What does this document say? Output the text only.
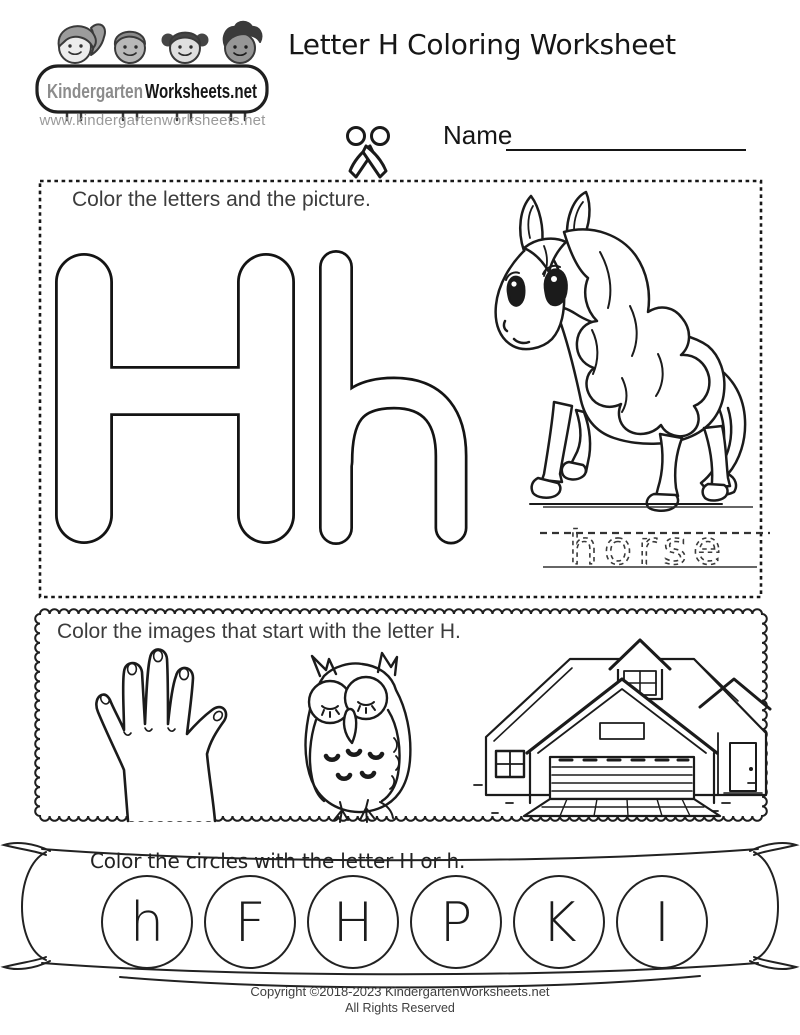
Kindergarten Worksheets.net
horse
www.kindergartenworksheets.net
Letter H Coloring Worksheet
Name
Color the letters and the picture.
Color the images that start with the letter H.
Color the circles with the letter H or h.
h F H P K I
Copyright ©2018-2023 KindergartenWorksheets.net
All Rights Reserved
